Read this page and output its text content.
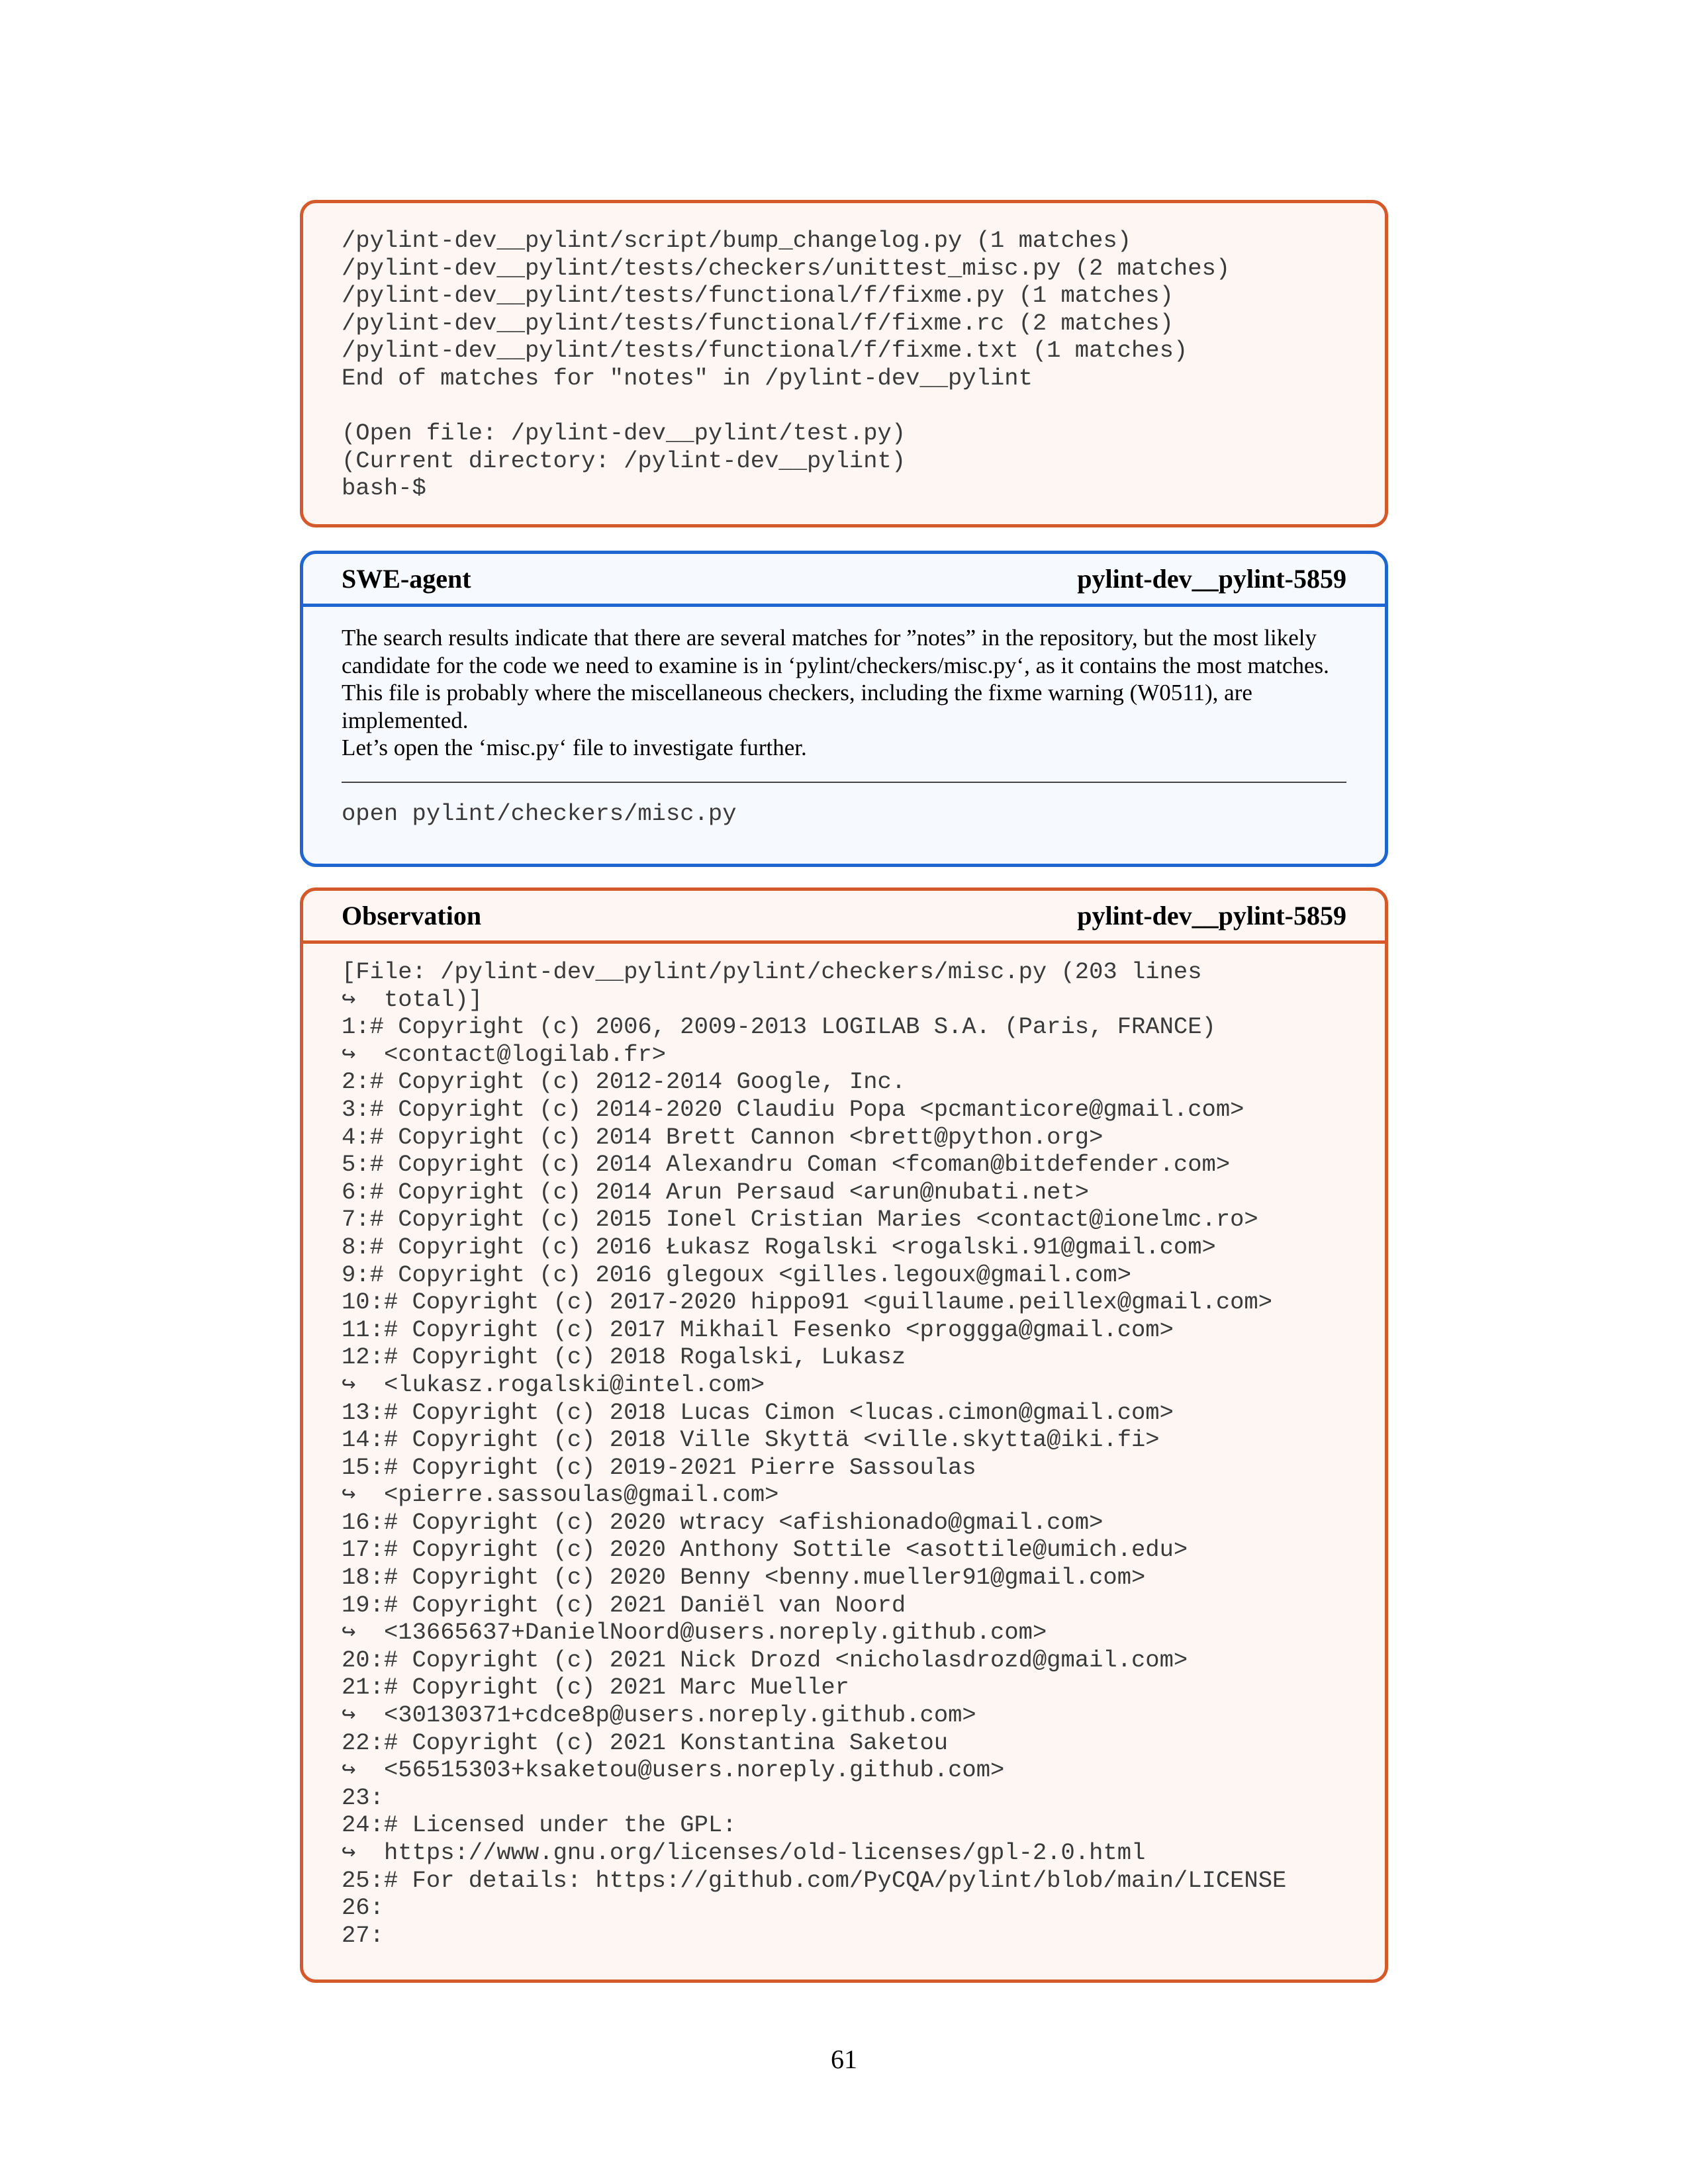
/pylint-dev__pylint/script/bump_changelog.py (1 matches)
/pylint-dev__pylint/tests/checkers/unittest_misc.py (2 matches)
/pylint-dev__pylint/tests/functional/f/fixme.py (1 matches)
/pylint-dev__pylint/tests/functional/f/fixme.rc (2 matches)
/pylint-dev__pylint/tests/functional/f/fixme.txt (1 matches)
End of matches for "notes" in /pylint-dev__pylint

(Open file: /pylint-dev__pylint/test.py)
(Current directory: /pylint-dev__pylint)
bash-$
SWE-agent	pylint-dev__pylint-5859

The search results indicate that there are several matches for ”notes” in the repository, but the most likely candidate for the code we need to examine is in ‘pylint/checkers/misc.py‘, as it contains the most matches. This file is probably where the miscellaneous checkers, including the fixme warning (W0511), are implemented.

Let’s open the ‘misc.py‘ file to investigate further.

open pylint/checkers/misc.py
Observation	pylint-dev__pylint-5859
[File: /pylint-dev__pylint/pylint/checkers/misc.py (203 lines
↪  total)]
1:# Copyright (c) 2006, 2009-2013 LOGILAB S.A. (Paris, FRANCE)
↪  <contact@logilab.fr>
2:# Copyright (c) 2012-2014 Google, Inc.
3:# Copyright (c) 2014-2020 Claudiu Popa <pcmanticore@gmail.com>
4:# Copyright (c) 2014 Brett Cannon <brett@python.org>
5:# Copyright (c) 2014 Alexandru Coman <fcoman@bitdefender.com>
6:# Copyright (c) 2014 Arun Persaud <arun@nubati.net>
7:# Copyright (c) 2015 Ionel Cristian Maries <contact@ionelmc.ro>
8:# Copyright (c) 2016 Łukasz Rogalski <rogalski.91@gmail.com>
9:# Copyright (c) 2016 glegoux <gilles.legoux@gmail.com>
10:# Copyright (c) 2017-2020 hippo91 <guillaume.peillex@gmail.com>
11:# Copyright (c) 2017 Mikhail Fesenko <proggga@gmail.com>
12:# Copyright (c) 2018 Rogalski, Lukasz
↪  <lukasz.rogalski@intel.com>
13:# Copyright (c) 2018 Lucas Cimon <lucas.cimon@gmail.com>
14:# Copyright (c) 2018 Ville Skyttä <ville.skytta@iki.fi>
15:# Copyright (c) 2019-2021 Pierre Sassoulas
↪  <pierre.sassoulas@gmail.com>
16:# Copyright (c) 2020 wtracy <afishionado@gmail.com>
17:# Copyright (c) 2020 Anthony Sottile <asottile@umich.edu>
18:# Copyright (c) 2020 Benny <benny.mueller91@gmail.com>
19:# Copyright (c) 2021 Daniël van Noord
↪  <13665637+DanielNoord@users.noreply.github.com>
20:# Copyright (c) 2021 Nick Drozd <nicholasdrozd@gmail.com>
21:# Copyright (c) 2021 Marc Mueller
↪  <30130371+cdce8p@users.noreply.github.com>
22:# Copyright (c) 2021 Konstantina Saketou
↪  <56515303+ksaketou@users.noreply.github.com>
23:
24:# Licensed under the GPL:
↪  https://www.gnu.org/licenses/old-licenses/gpl-2.0.html
25:# For details: https://github.com/PyCQA/pylint/blob/main/LICENSE
26:
27:
61
